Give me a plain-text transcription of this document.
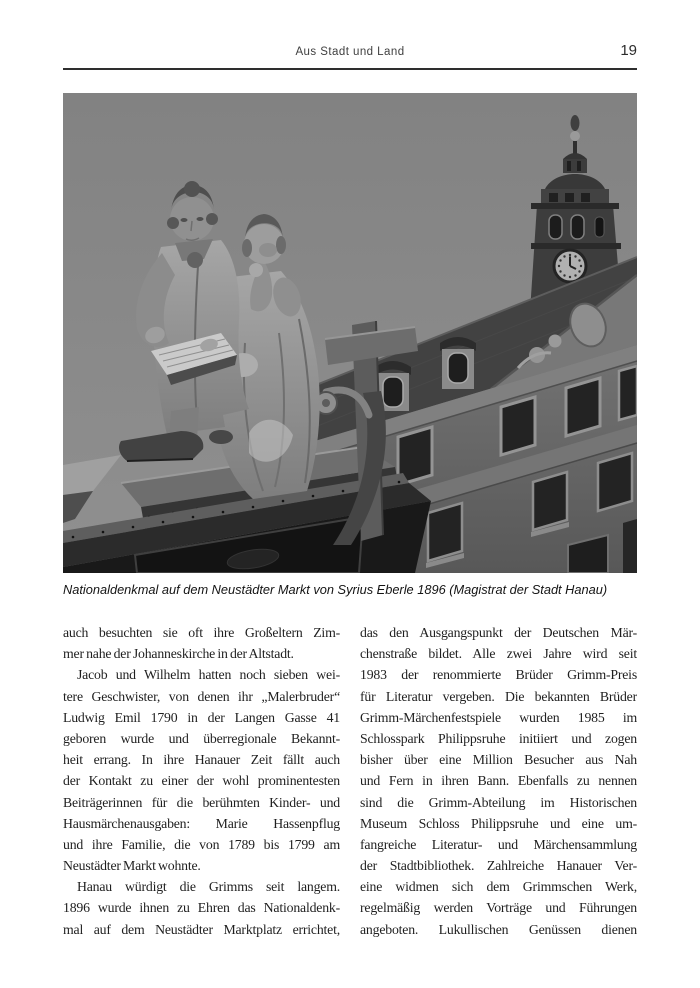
Aus Stadt und Land	19
Nationaldenkmal auf dem Neustädter Markt von Syrius Eberle 1896 (Magistrat der Stadt Hanau)
auch besuchten sie oft ihre Großeltern Zim-
mer nahe der Johanneskirche in der Altstadt.
Jacob und Wilhelm hatten noch sieben wei-
tere Geschwister, von denen ihr „Malerbruder“
Ludwig Emil 1790 in der Langen Gasse 41
geboren wurde und überregionale Bekannt-
heit errang. In ihre Hanauer Zeit fällt auch
der Kontakt zu einer der wohl prominentesten
Beiträgerinnen für die berühmten Kinder- und
Hausmärchenausgaben: Marie Hassenpflug
und ihre Familie, die von 1789 bis 1799 am
Neustädter Markt wohnte.
Hanau würdigt die Grimms seit langem.
1896 wurde ihnen zu Ehren das Nationaldenk-
mal auf dem Neustädter Marktplatz errichtet,
das den Ausgangspunkt der Deutschen Mär-
chenstraße bildet. Alle zwei Jahre wird seit
1983 der renommierte Brüder Grimm-Preis
für Literatur vergeben. Die bekannten Brüder
Grimm-Märchenfestspiele wurden 1985 im
Schlosspark Philippsruhe initiiert und zogen
bisher über eine Million Besucher aus Nah
und Fern in ihren Bann. Ebenfalls zu nennen
sind die Grimm-Abteilung im Historischen
Museum Schloss Philippsruhe und eine um-
fangreiche Literatur- und Märchensammlung
der Stadtbibliothek. Zahlreiche Hanauer Ver-
eine widmen sich dem Grimmschen Werk,
regelmäßig werden Vorträge und Führungen
angeboten. Lukullischen Genüssen dienen
